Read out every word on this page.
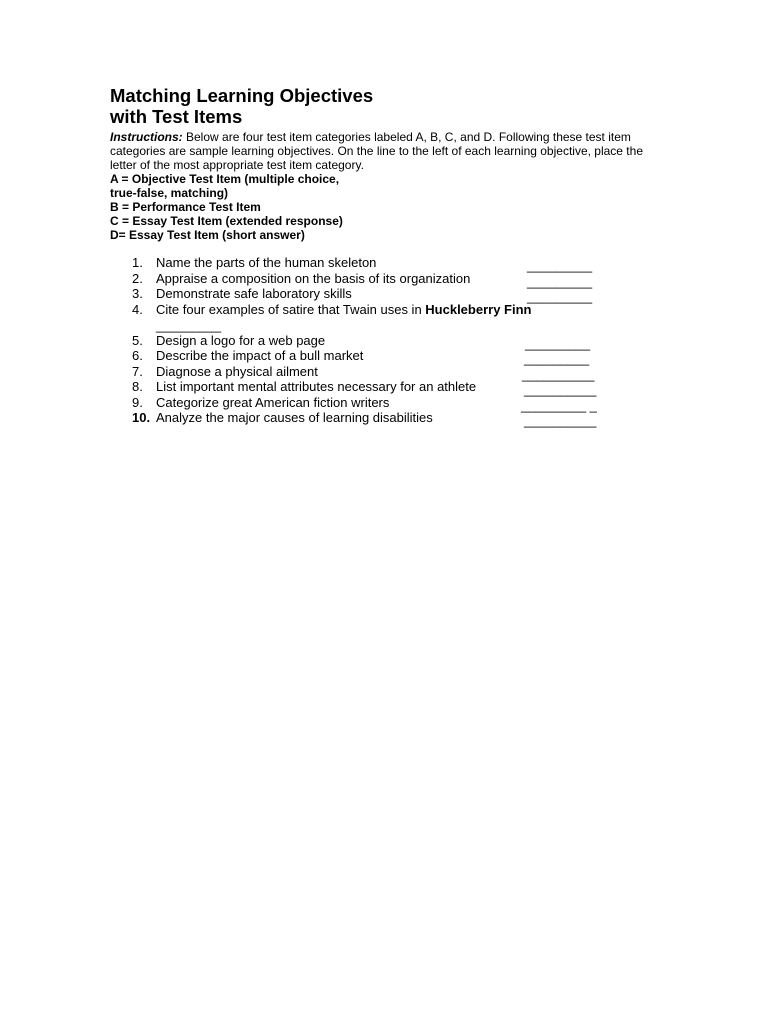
Matching Learning Objectives
with Test Items
Instructions: Below are four test item categories labeled A, B, C, and D. Following these test item categories are sample learning objectives. On the line to the left of each learning objective, place the letter of the most appropriate test item category.
A = Objective Test Item (multiple choice,
true-false, matching)
B = Performance Test Item
C = Essay Test Item (extended response)
D= Essay Test Item (short answer)
1.	Name the parts of the human skeleton	_________
2.	Appraise a composition on the basis of its organization	_________
3.	Demonstrate safe laboratory skills	_________
4.	Cite four examples of satire that Twain uses in Huckleberry Finn
_________
5.	Design a logo for a web page	_________
6.	Describe the impact of a bull market	_________
7.	Diagnose a physical ailment	__________
8.	List important mental attributes necessary for an athlete	__________
9.	Categorize great American fiction writers	_________ _
10. Analyze the major causes of learning disabilities	__________
